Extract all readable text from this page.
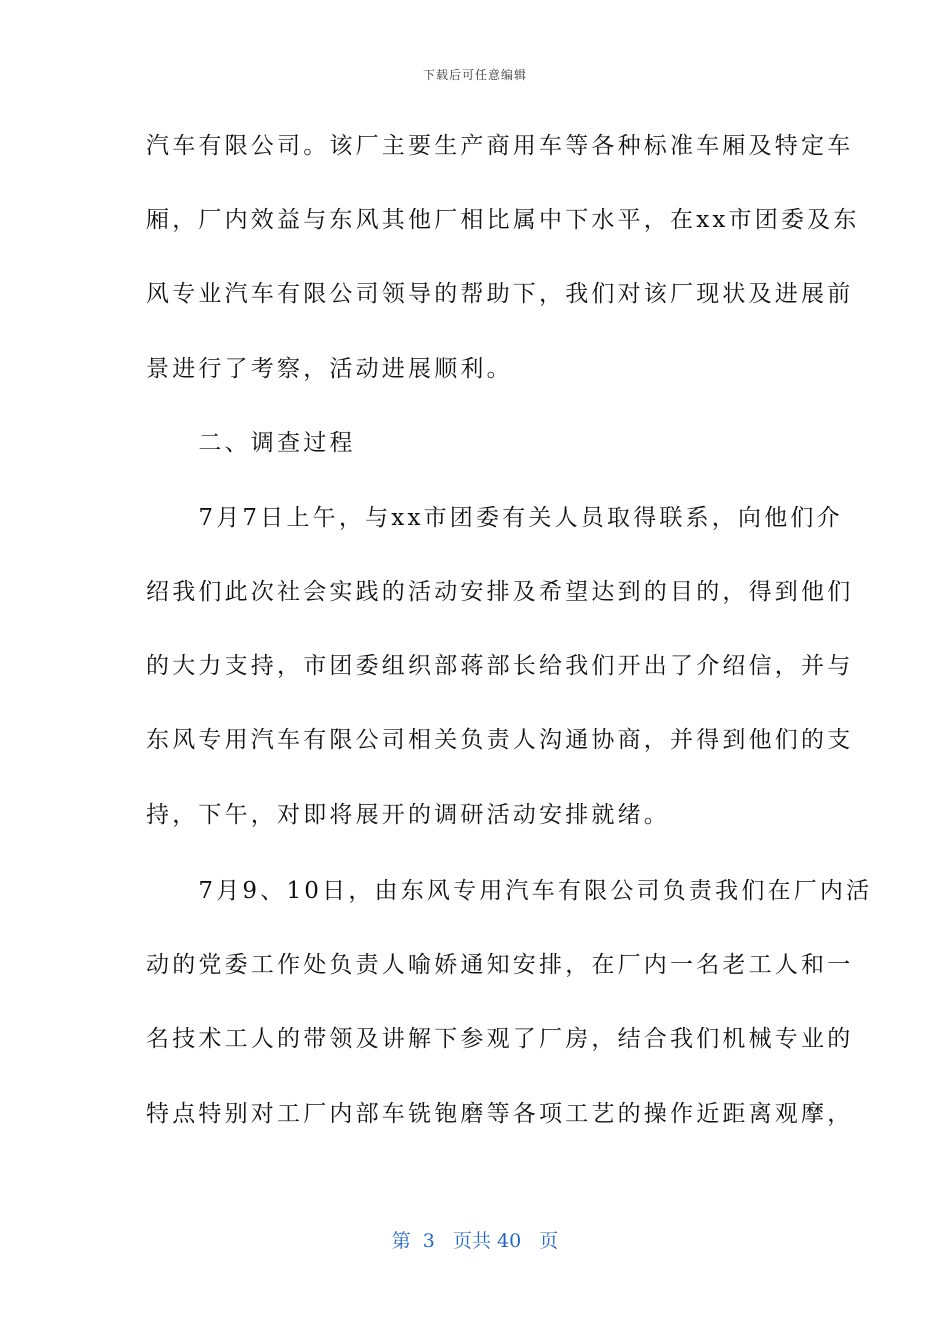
下载后可任意编辑
汽车有限公司。该厂主要生产商用车等各种标准车厢及特定车
厢，厂内效益与东风其他厂相比属中下水平，在xx市团委及东
风专业汽车有限公司领导的帮助下，我们对该厂现状及进展前
景进行了考察，活动进展顺利。
　　二、调查过程
　　7月7日上午，与xx市团委有关人员取得联系，向他们介
绍我们此次社会实践的活动安排及希望达到的目的，得到他们
的大力支持，市团委组织部蒋部长给我们开出了介绍信，并与
东风专用汽车有限公司相关负责人沟通协商，并得到他们的支
持，下午，对即将展开的调研活动安排就绪。
　　7月9、10日，由东风专用汽车有限公司负责我们在厂内活
动的党委工作处负责人喻娇通知安排，在厂内一名老工人和一
名技术工人的带领及讲解下参观了厂房，结合我们机械专业的
特点特别对工厂内部车铣铇磨等各项工艺的操作近距离观摩，
第  3   页共 40   页
